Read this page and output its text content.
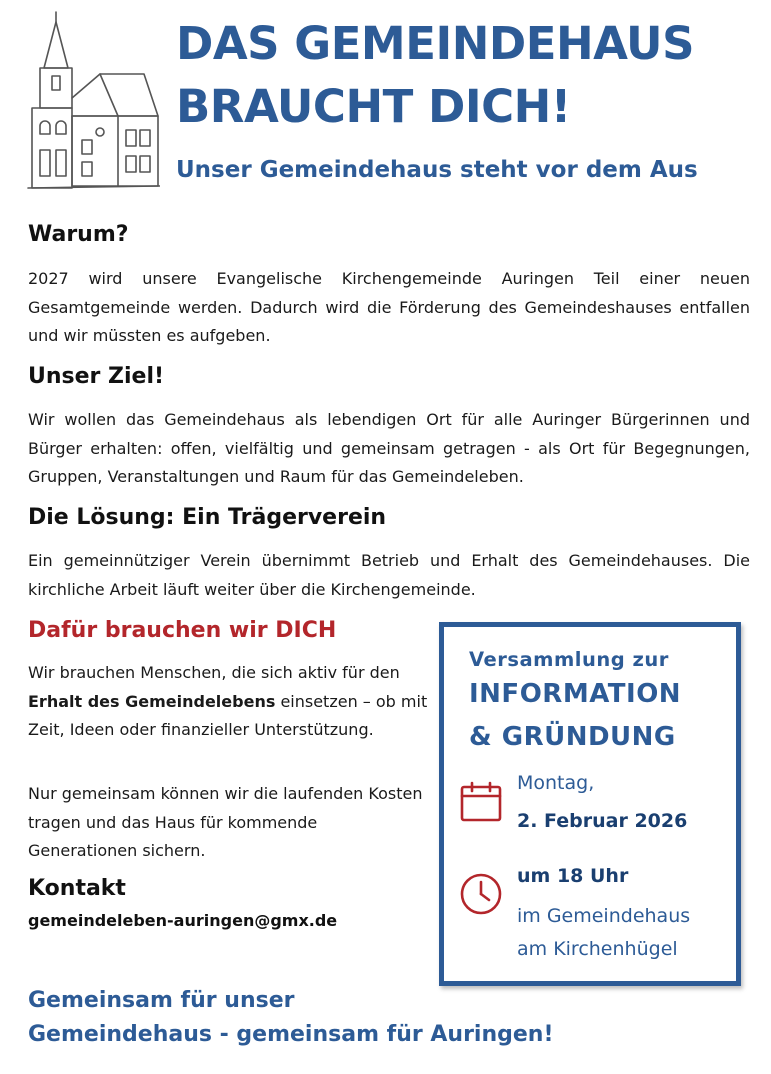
DAS GEMEINDEHAUS
BRAUCHT DICH!
Unser Gemeindehaus steht vor dem Aus
Warum?

2027 wird unsere Evangelische Kirchengemeinde Auringen Teil einer neuen Gesamtgemeinde werden. Dadurch wird die Förderung des Gemeindeshauses entfallen und wir müssten es aufgeben.

Unser Ziel!

Wir wollen das Gemeindehaus als lebendigen Ort für alle Auringer Bürgerinnen und Bürger erhalten: offen, vielfältig und gemeinsam getragen - als Ort für Begegnungen, Gruppen, Veranstaltungen und Raum für das Gemeindeleben.

Die Lösung: Ein Trägerverein

Ein gemeinnütziger Verein übernimmt Betrieb und Erhalt des Gemeindehauses. Die kirchliche Arbeit läuft weiter über die Kirchengemeinde.

Dafür brauchen wir DICH

Wir brauchen Menschen, die sich aktiv für den Erhalt des Gemeindelebens einsetzen – ob mit Zeit, Ideen oder finanzieller Unterstützung.

Nur gemeinsam können wir die laufenden Kosten tragen und das Haus für kommende Generationen sichern.

Kontakt
gemeindeleben-auringen@gmx.de
Gemeinsam für unser
Gemeindehaus - gemeinsam für Auringen!
Versammlung zur
INFORMATION
& GRÜNDUNG
Montag,
2. Februar 2026
um 18 Uhr
im Gemeindehaus
am Kirchenhügel
